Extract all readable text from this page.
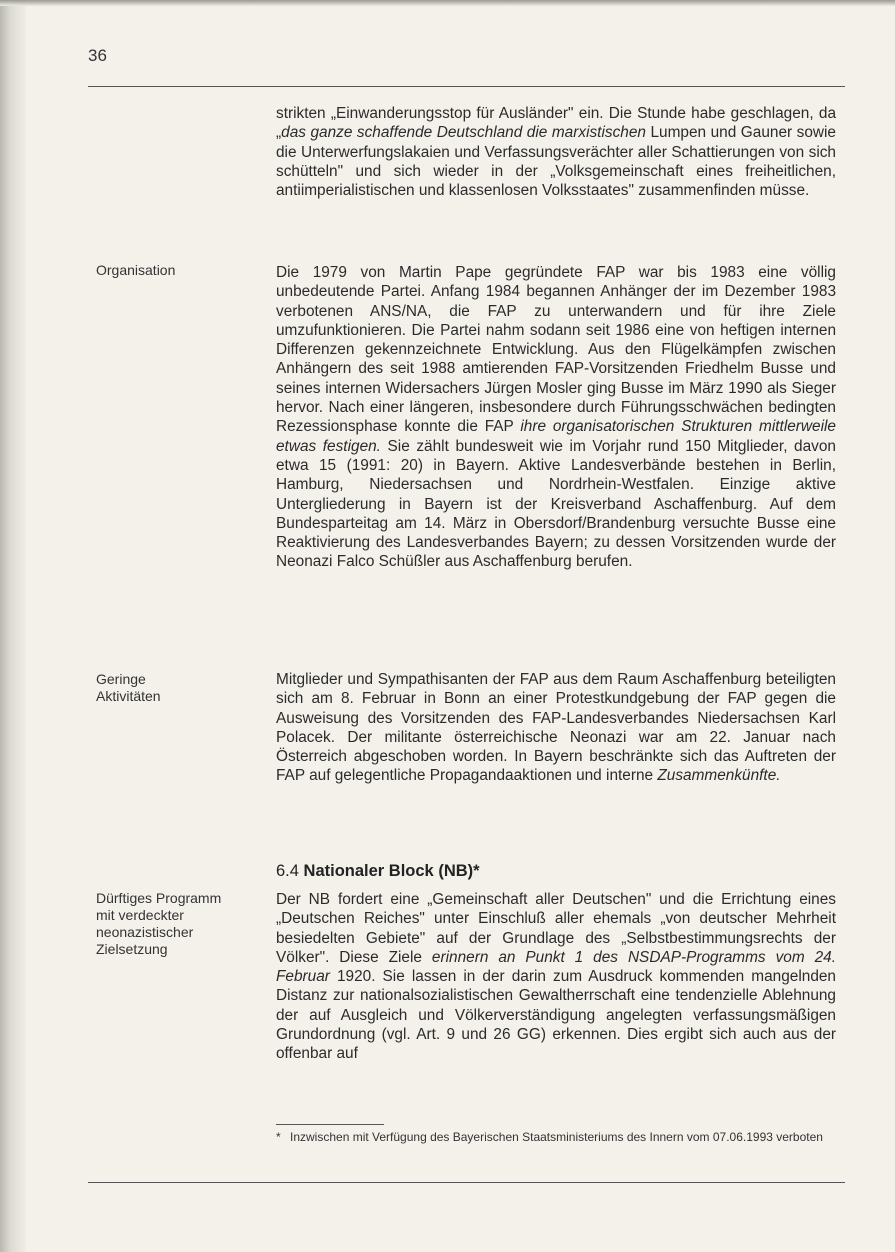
36
Organisation
Geringe Aktivitäten
Dürftiges Programm mit verdeckter neonazistischer Zielsetzung

strikten „Einwanderungsstop für Ausländer" ein. Die Stunde habe geschlagen, da „das ganze schaffende Deutschland die marxistischen Lumpen und Gauner sowie die Unterwerfungslakaien und Verfassungsverächter aller Schattierungen von sich schütteln" und sich wieder in der „Volksgemeinschaft eines freiheitlichen, antiimperialistischen und klassenlosen Volksstaates" zusammenfinden müsse.

Die 1979 von Martin Pape gegründete FAP war bis 1983 eine völlig unbedeutende Partei. Anfang 1984 begannen Anhänger der im Dezember 1983 verbotenen ANS/NA, die FAP zu unterwandern und für ihre Ziele umzufunktionieren. Die Partei nahm sodann seit 1986 eine von heftigen internen Differenzen gekennzeichnete Entwicklung. Aus den Flügelkämpfen zwischen Anhängern des seit 1988 amtierenden FAP-Vorsitzenden Friedhelm Busse und seines internen Widersachers Jürgen Mosler ging Busse im März 1990 als Sieger hervor. Nach einer längeren, insbesondere durch Führungsschwächen bedingten Rezessionsphase konnte die FAP ihre organisatorischen Strukturen mittlerweile etwas festigen. Sie zählt bundesweit wie im Vorjahr rund 150 Mitglieder, davon etwa 15 (1991: 20) in Bayern. Aktive Landesverbände bestehen in Berlin, Hamburg, Niedersachsen und Nordrhein-Westfalen. Einzige aktive Untergliederung in Bayern ist der Kreisverband Aschaffenburg. Auf dem Bundesparteitag am 14. März in Obersdorf/Brandenburg versuchte Busse eine Reaktivierung des Landesverbandes Bayern; zu dessen Vorsitzenden wurde der Neonazi Falco Schüßler aus Aschaffenburg berufen.

Mitglieder und Sympathisanten der FAP aus dem Raum Aschaffenburg beteiligten sich am 8. Februar in Bonn an einer Protestkundgebung der FAP gegen die Ausweisung des Vorsitzenden des FAP-Landesverbandes Niedersachsen Karl Polacek. Der militante österreichische Neonazi war am 22. Januar nach Österreich abgeschoben worden. In Bayern beschränkte sich das Auftreten der FAP auf gelegentliche Propagandaaktionen und interne Zusammenkünfte.

6.4 Nationaler Block (NB)*

Der NB fordert eine „Gemeinschaft aller Deutschen" und die Errichtung eines „Deutschen Reiches" unter Einschluß aller ehemals „von deutscher Mehrheit besiedelten Gebiete" auf der Grundlage des „Selbstbestimmungsrechts der Völker". Diese Ziele erinnern an Punkt 1 des NSDAP-Programms vom 24. Februar 1920. Sie lassen in der darin zum Ausdruck kommenden mangelnden Distanz zur nationalsozialistischen Gewaltherrschaft eine tendenzielle Ablehnung der auf Ausgleich und Völkerverständigung angelegten verfassungsmäßigen Grundordnung (vgl. Art. 9 und 26 GG) erkennen. Dies ergibt sich auch aus der offenbar auf

* Inzwischen mit Verfügung des Bayerischen Staatsministeriums des Innern vom 07.06.1993 verboten
